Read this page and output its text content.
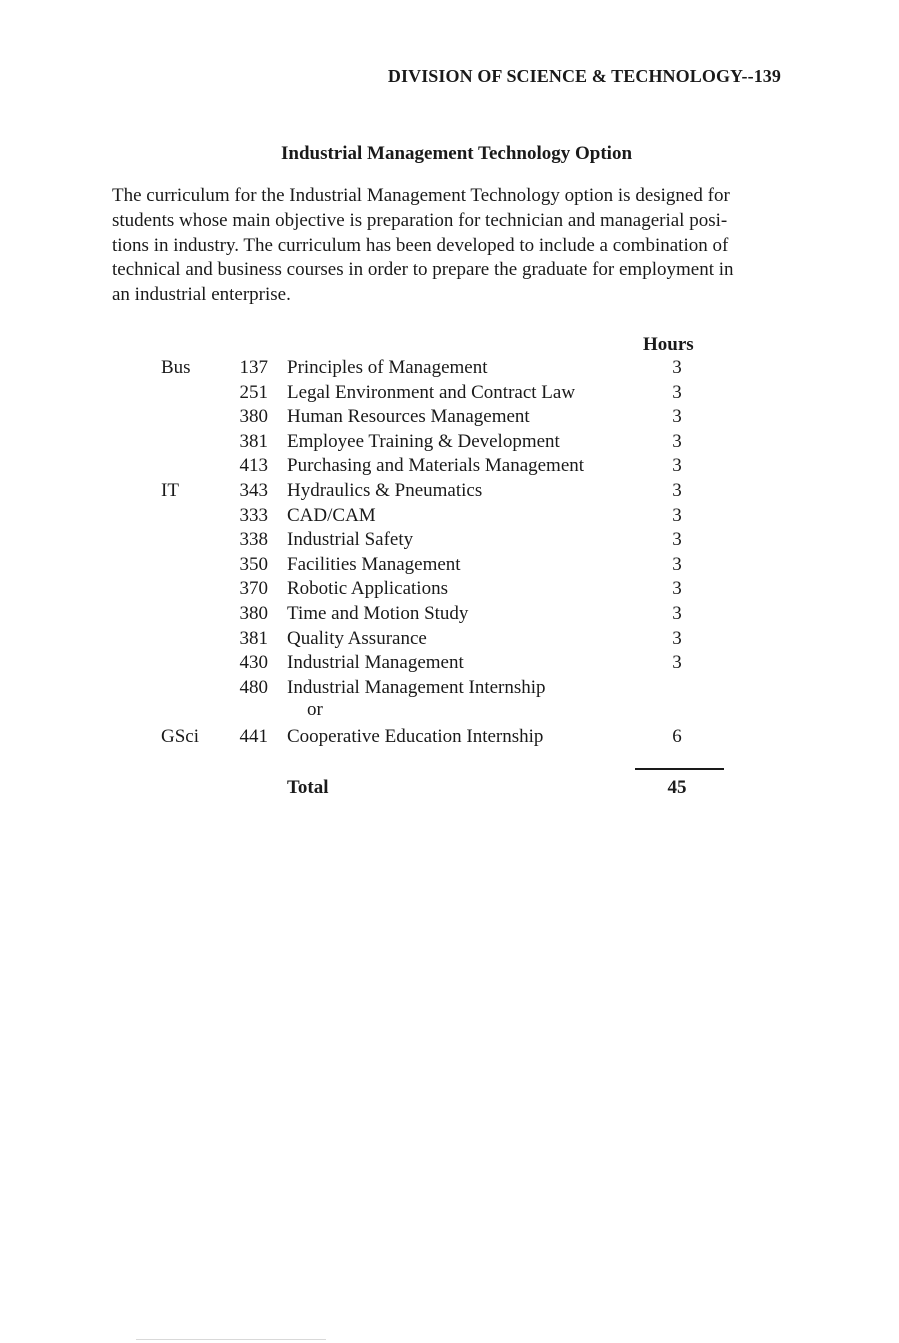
DIVISION OF SCIENCE & TECHNOLOGY--139
Industrial Management Technology Option

The curriculum for the Industrial Management Technology option is designed for
students whose main objective is preparation for technician and managerial posi-
tions in industry. The curriculum has been developed to include a combination of
technical and business courses in order to prepare the graduate for employment in
an industrial enterprise.

Hours
Bus	137 Principles of Management	3
251 Legal Environment and Contract Law	3
380 Human Resources Management	3
381 Employee Training & Development	3
413 Purchasing and Materials Management	3
IT	343 Hydraulics & Pneumatics	3
333 CAD/CAM	3
338 Industrial Safety	3
350 Facilities Management	3
370 Robotic Applications	3
380 Time and Motion Study	3
381 Quality Assurance	3
430 Industrial Management	3
480 Industrial Management Internship
or
GSci 441 Cooperative Education Internship	6
Total	45
